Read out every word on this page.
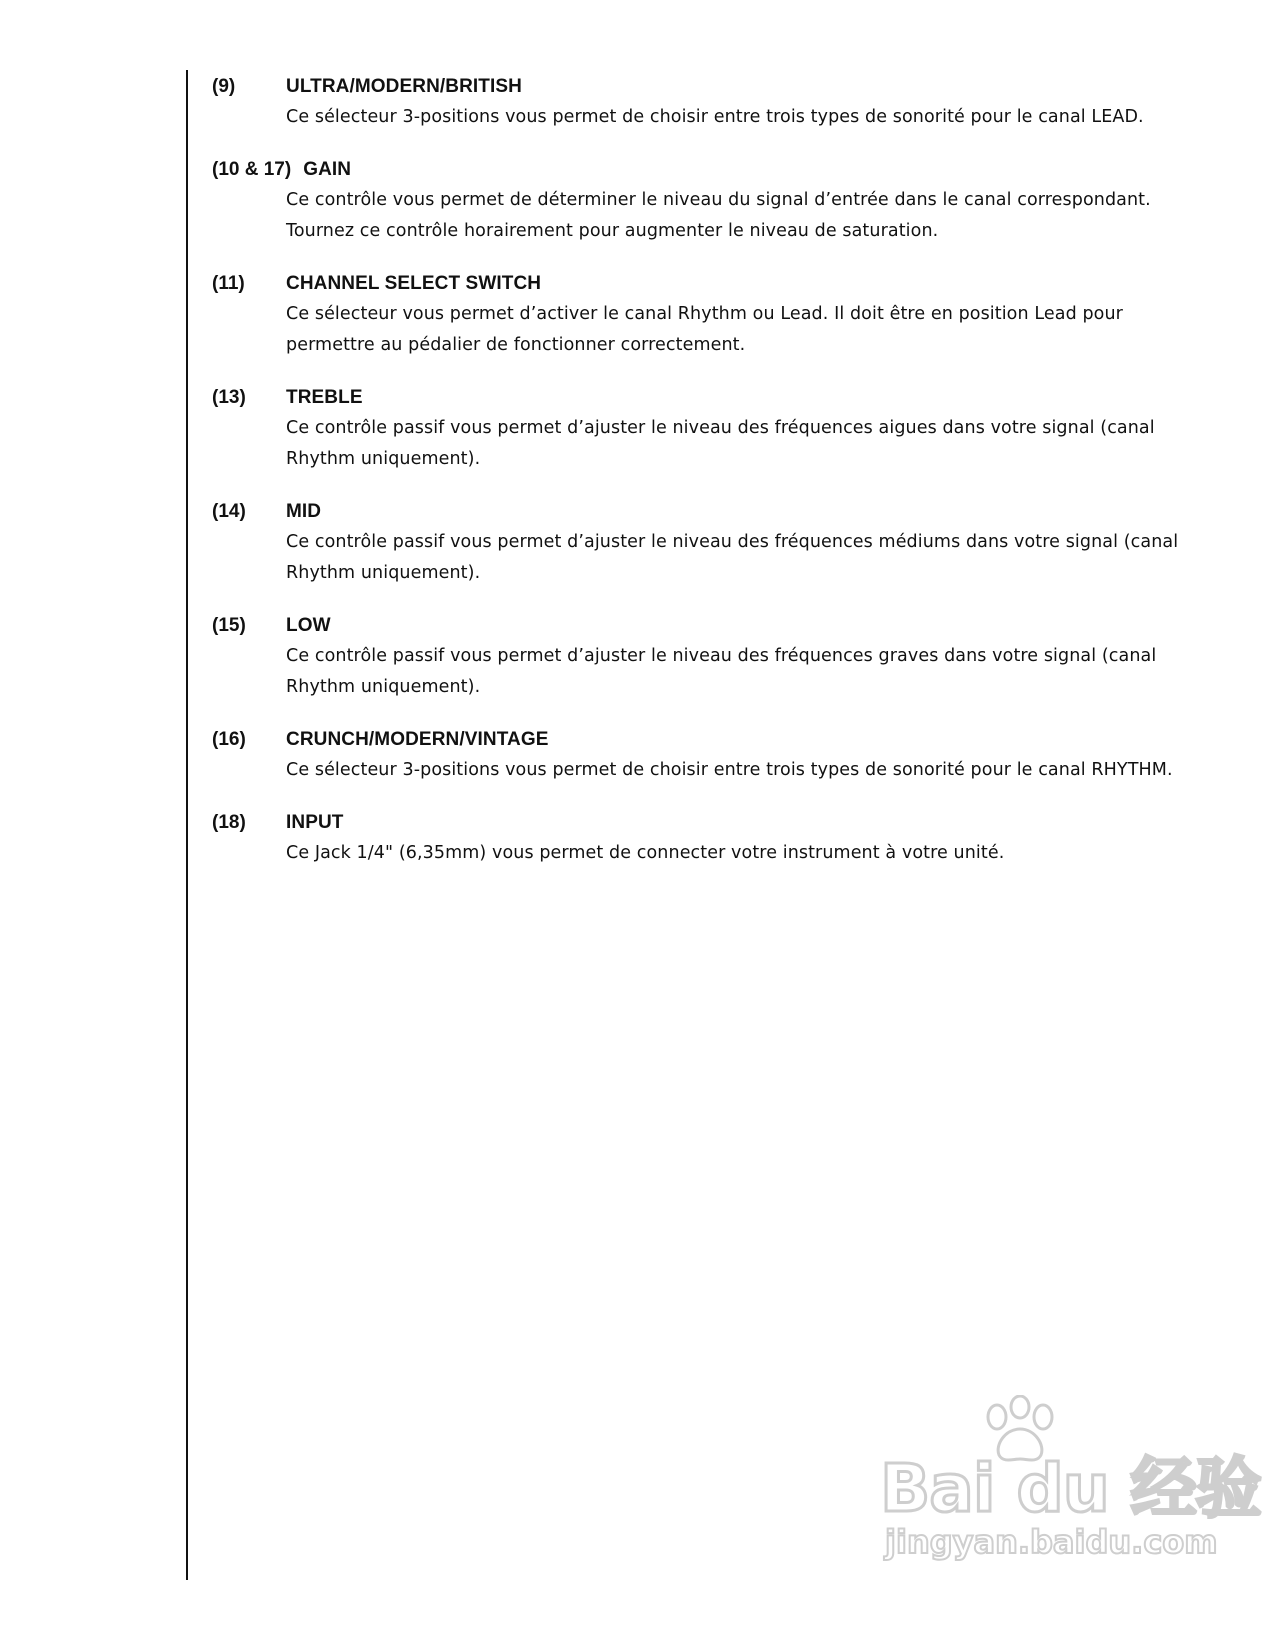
(9)	ULTRA/MODERN/BRITISH

Ce sélecteur 3-positions vous permet de choisir entre trois types de sonorité pour le canal LEAD.

(10 & 17) GAIN

Ce contrôle vous permet de déterminer le niveau du signal d’entrée dans le canal correspondant.

Tournez ce contrôle horairement pour augmenter le niveau de saturation.

(11)	CHANNEL SELECT SWITCH

Ce sélecteur vous permet d’activer le canal Rhythm ou Lead. Il doit être en position Lead pour

permettre au pédalier de fonctionner correctement.

(13)	TREBLE

Ce contrôle passif vous permet d’ajuster le niveau des fréquences aigues dans votre signal (canal

Rhythm uniquement).

(14)	MID

Ce contrôle passif vous permet d’ajuster le niveau des fréquences médiums dans votre signal (canal

Rhythm uniquement).

(15)	LOW

Ce contrôle passif vous permet d’ajuster le niveau des fréquences graves dans votre signal (canal

Rhythm uniquement).

(16)	CRUNCH/MODERN/VINTAGE

Ce sélecteur 3-positions vous permet de choisir entre trois types de sonorité pour le canal RHYTHM.

(18)	INPUT

Ce Jack 1/4" (6,35mm) vous permet de connecter votre instrument à votre unité.

Bai du 经验
jingyan.baidu.com
